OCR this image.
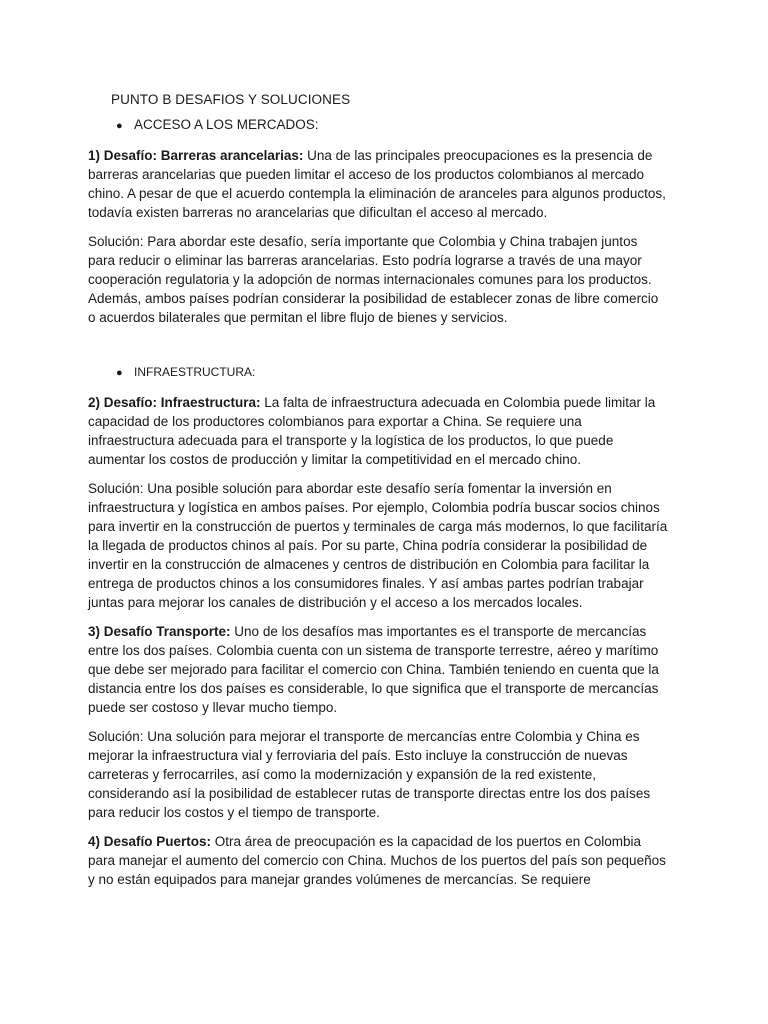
PUNTO B DESAFIOS Y SOLUCIONES
● ACCESO A LOS MERCADOS:

1) Desafío: Barreras arancelarias: Una de las principales preocupaciones es la presencia de barreras arancelarias que pueden limitar el acceso de los productos colombianos al mercado chino. A pesar de que el acuerdo contempla la eliminación de aranceles para algunos productos, todavía existen barreras no arancelarias que dificultan el acceso al mercado.

Solución: Para abordar este desafío, sería importante que Colombia y China trabajen juntos para reducir o eliminar las barreras arancelarias. Esto podría lograrse a través de una mayor cooperación regulatoria y la adopción de normas internacionales comunes para los productos. Además, ambos países podrían considerar la posibilidad de establecer zonas de libre comercio o acuerdos bilaterales que permitan el libre flujo de bienes y servicios.

● INFRAESTRUCTURA:

2) Desafío: Infraestructura: La falta de infraestructura adecuada en Colombia puede limitar la capacidad de los productores colombianos para exportar a China. Se requiere una infraestructura adecuada para el transporte y la logística de los productos, lo que puede aumentar los costos de producción y limitar la competitividad en el mercado chino.

Solución: Una posible solución para abordar este desafío sería fomentar la inversión en infraestructura y logística en ambos países. Por ejemplo, Colombia podría buscar socios chinos para invertir en la construcción de puertos y terminales de carga más modernos, lo que facilitaría la llegada de productos chinos al país. Por su parte, China podría considerar la posibilidad de invertir en la construcción de almacenes y centros de distribución en Colombia para facilitar la entrega de productos chinos a los consumidores finales. Y así ambas partes podrían trabajar juntas para mejorar los canales de distribución y el acceso a los mercados locales.

3) Desafío Transporte: Uno de los desafíos mas importantes es el transporte de mercancías entre los dos países. Colombia cuenta con un sistema de transporte terrestre, aéreo y marítimo que debe ser mejorado para facilitar el comercio con China. También teniendo en cuenta que la distancia entre los dos países es considerable, lo que significa que el transporte de mercancías puede ser costoso y llevar mucho tiempo.

Solución: Una solución para mejorar el transporte de mercancías entre Colombia y China es mejorar la infraestructura vial y ferroviaria del país. Esto incluye la construcción de nuevas carreteras y ferrocarriles, así como la modernización y expansión de la red existente, considerando así la posibilidad de establecer rutas de transporte directas entre los dos países para reducir los costos y el tiempo de transporte.

4) Desafío Puertos: Otra área de preocupación es la capacidad de los puertos en Colombia para manejar el aumento del comercio con China. Muchos de los puertos del país son pequeños y no están equipados para manejar grandes volúmenes de mercancías. Se requiere
